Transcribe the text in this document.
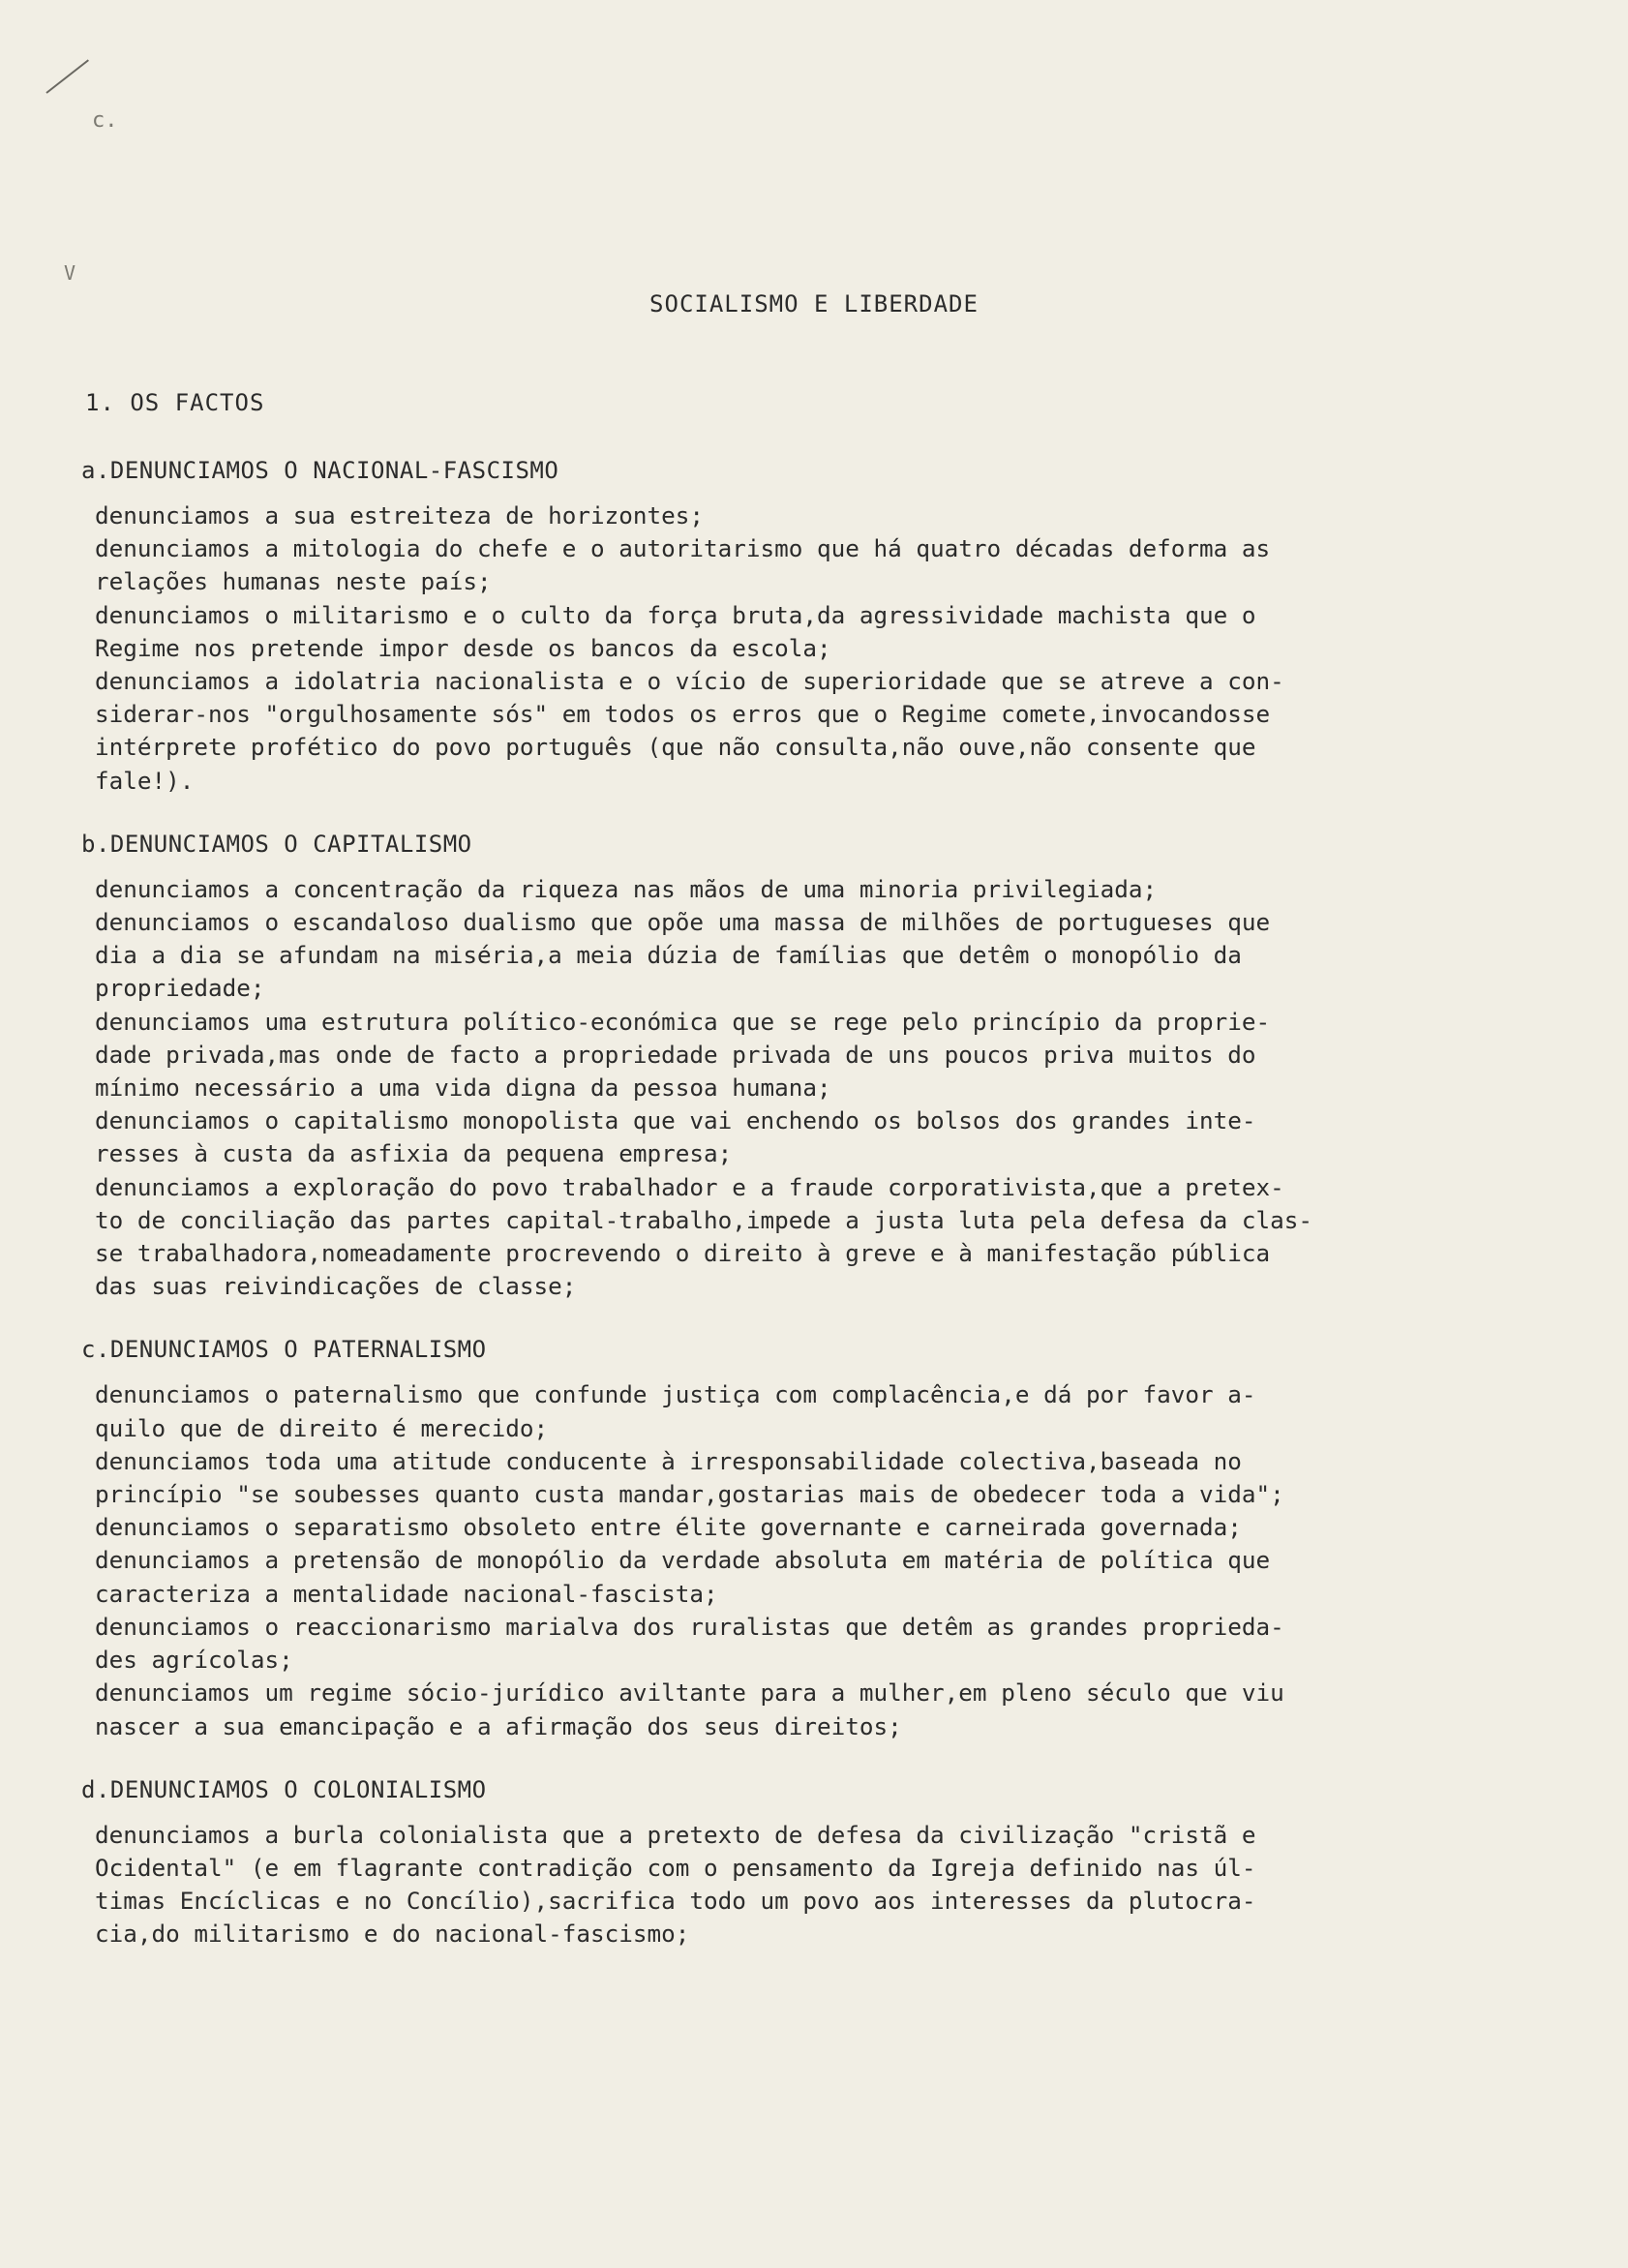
c.
V
SOCIALISMO E LIBERDADE
1. OS FACTOS
a.DENUNCIAMOS O NACIONAL-FASCISMO
denunciamos a sua estreiteza de horizontes;
denunciamos a mitologia do chefe e o autoritarismo que há quatro décadas deforma as
relações humanas neste país;
denunciamos o militarismo e o culto da força bruta,da agressividade machista que o
Regime nos pretende impor desde os bancos da escola;
denunciamos a idolatria nacionalista e o vício de superioridade que se atreve a con-
siderar-nos "orgulhosamente sós" em todos os erros que o Regime comete,invocandosse
intérprete profético do povo português (que não consulta,não ouve,não consente que
fale!).
b.DENUNCIAMOS O CAPITALISMO
denunciamos a concentração da riqueza nas mãos de uma minoria privilegiada;
denunciamos o escandaloso dualismo que opõe uma massa de milhões de portugueses que
dia a dia se afundam na miséria,a meia dúzia de famílias que detêm o monopólio da
propriedade;
denunciamos uma estrutura político-económica que se rege pelo princípio da proprie-
dade privada,mas onde de facto a propriedade privada de uns poucos priva muitos do
mínimo necessário a uma vida digna da pessoa humana;
denunciamos o capitalismo monopolista que vai enchendo os bolsos dos grandes inte-
resses à custa da asfixia da pequena empresa;
denunciamos a exploração do povo trabalhador e a fraude corporativista,que a pretex-
to de conciliação das partes capital-trabalho,impede a justa luta pela defesa da clas-
se trabalhadora,nomeadamente procrevendo o direito à greve e à manifestação pública
das suas reivindicações de classe;
c.DENUNCIAMOS O PATERNALISMO
denunciamos o paternalismo que confunde justiça com complacência,e dá por favor a-
quilo que de direito é merecido;
denunciamos toda uma atitude conducente à irresponsabilidade colectiva,baseada no
princípio "se soubesses quanto custa mandar,gostarias mais de obedecer toda a vida";
denunciamos o separatismo obsoleto entre élite governante e carneirada governada;
denunciamos a pretensão de monopólio da verdade absoluta em matéria de política que
caracteriza a mentalidade nacional-fascista;
denunciamos o reaccionarismo marialva dos ruralistas que detêm as grandes proprieda-
des agrícolas;
denunciamos um regime sócio-jurídico aviltante para a mulher,em pleno século que viu
nascer a sua emancipação e a afirmação dos seus direitos;
d.DENUNCIAMOS O COLONIALISMO
denunciamos a burla colonialista que a pretexto de defesa da civilização "cristã e
Ocidental" (e em flagrante contradição com o pensamento da Igreja definido nas úl-
timas Encíclicas e no Concílio),sacrifica todo um povo aos interesses da plutocra-
cia,do militarismo e do nacional-fascismo;
